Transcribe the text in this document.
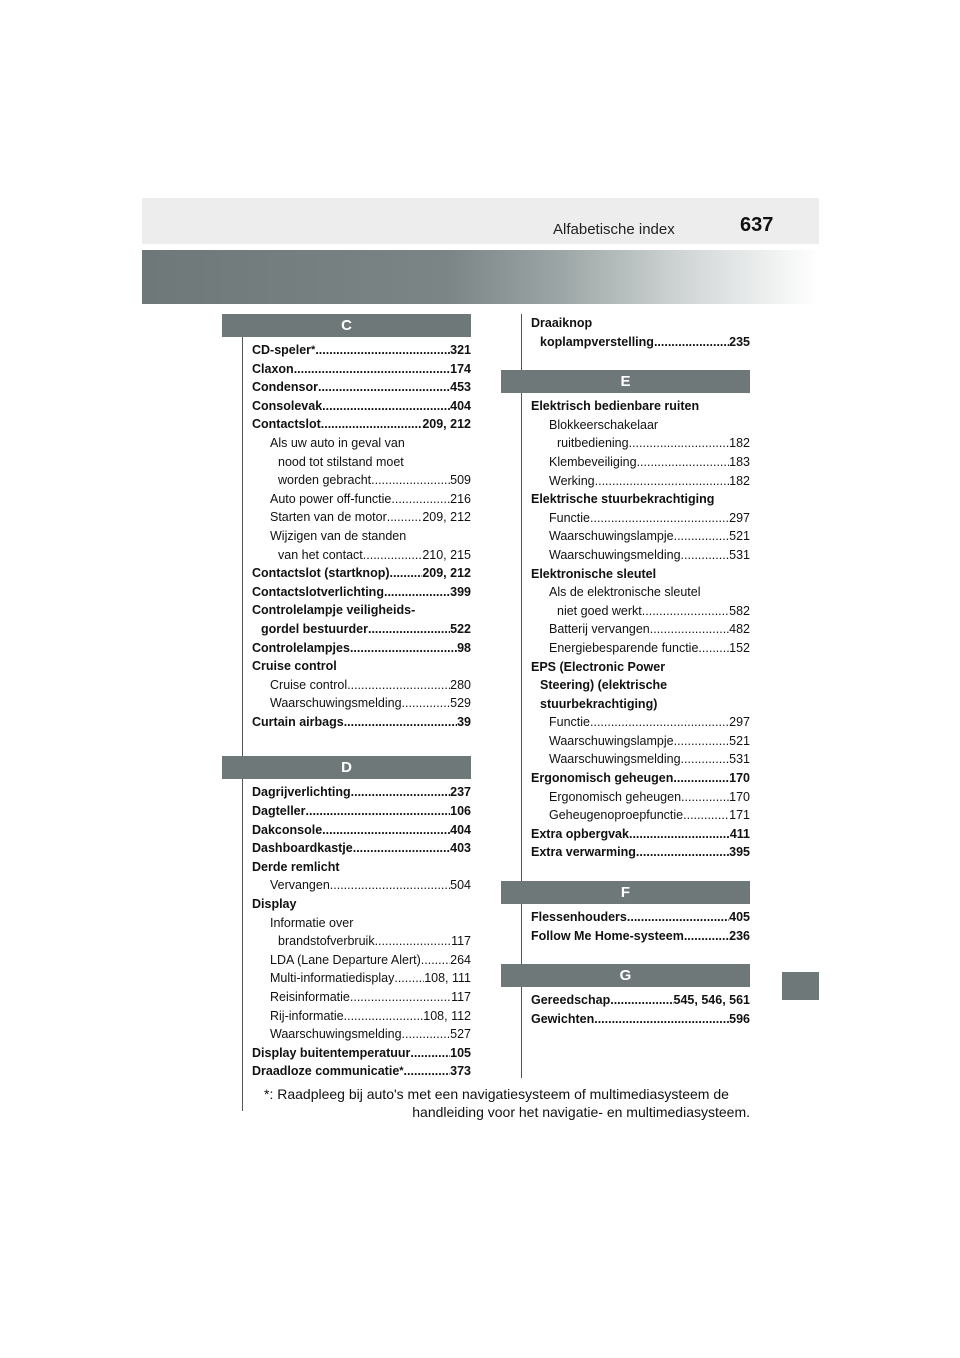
Alfabetische index	637
C
CD-speler * .....	321
Claxon .....	174
Condensor .....	453
Consolevak .....	404
Contactslot .....	209, 212
Als uw auto in geval van
nood tot stilstand moet
worden gebracht .....	509
Auto power off-functie .....	216
Starten van de motor .....	209, 212
Wijzigen van de standen
van het contact .....	210, 215
Contactslot (startknop) .....	209, 212
Contactslotverlichting .....	399
Controlelampje veiligheids-
gordel bestuurder .....	522
Controlelampjes .....	98
Cruise control
Cruise control .....	280
Waarschuwingsmelding .....	529
Curtain airbags .....	39
D
Dagrijverlichting .....	237
Dagteller .....	106
Dakconsole .....	404
Dashboardkastje .....	403
Derde remlicht
Vervangen .....	504
Display
Informatie over
brandstofverbruik .....	117
LDA (Lane Departure Alert) ..... 264
Multi-informatiedisplay ..... 108, 111
Reisinformatie .....	117
Rij-informatie .....	108, 112
Waarschuwingsmelding .....	527
Display buitentemperatuur .....	105
Draadloze communicatie * .....	373
Draaiknop
koplampverstelling .....	235
E
Elektrisch bedienbare ruiten
Blokkeerschakelaar
ruitbediening .....	182
Klembeveiliging .....	183
Werking .....	182
Elektrische stuurbekrachtiging
Functie .....	297
Waarschuwingslampje .....	521
Waarschuwingsmelding .....	531
Elektronische sleutel
Als de elektronische sleutel
niet goed werkt .....	582
Batterij vervangen .....	482
Energiebesparende functie ..... 152
EPS (Electronic Power
Steering) (elektrische
stuurbekrachtiging)
Functie .....	297
Waarschuwingslampje .....	521
Waarschuwingsmelding .....	531
Ergonomisch geheugen .....	170
Ergonomisch geheugen .....	170
Geheugenoproepfunctie .....	171
Extra opbergvak .....	411
Extra verwarming .....	395
F
Flessenhouders .....	405
Follow Me Home-systeem .....	236
G
Gereedschap .....	545, 546, 561
Gewichten .....	596
*: Raadpleeg bij auto's met een navigatiesysteem of multimediasysteem de
handleiding voor het navigatie- en multimediasysteem.
